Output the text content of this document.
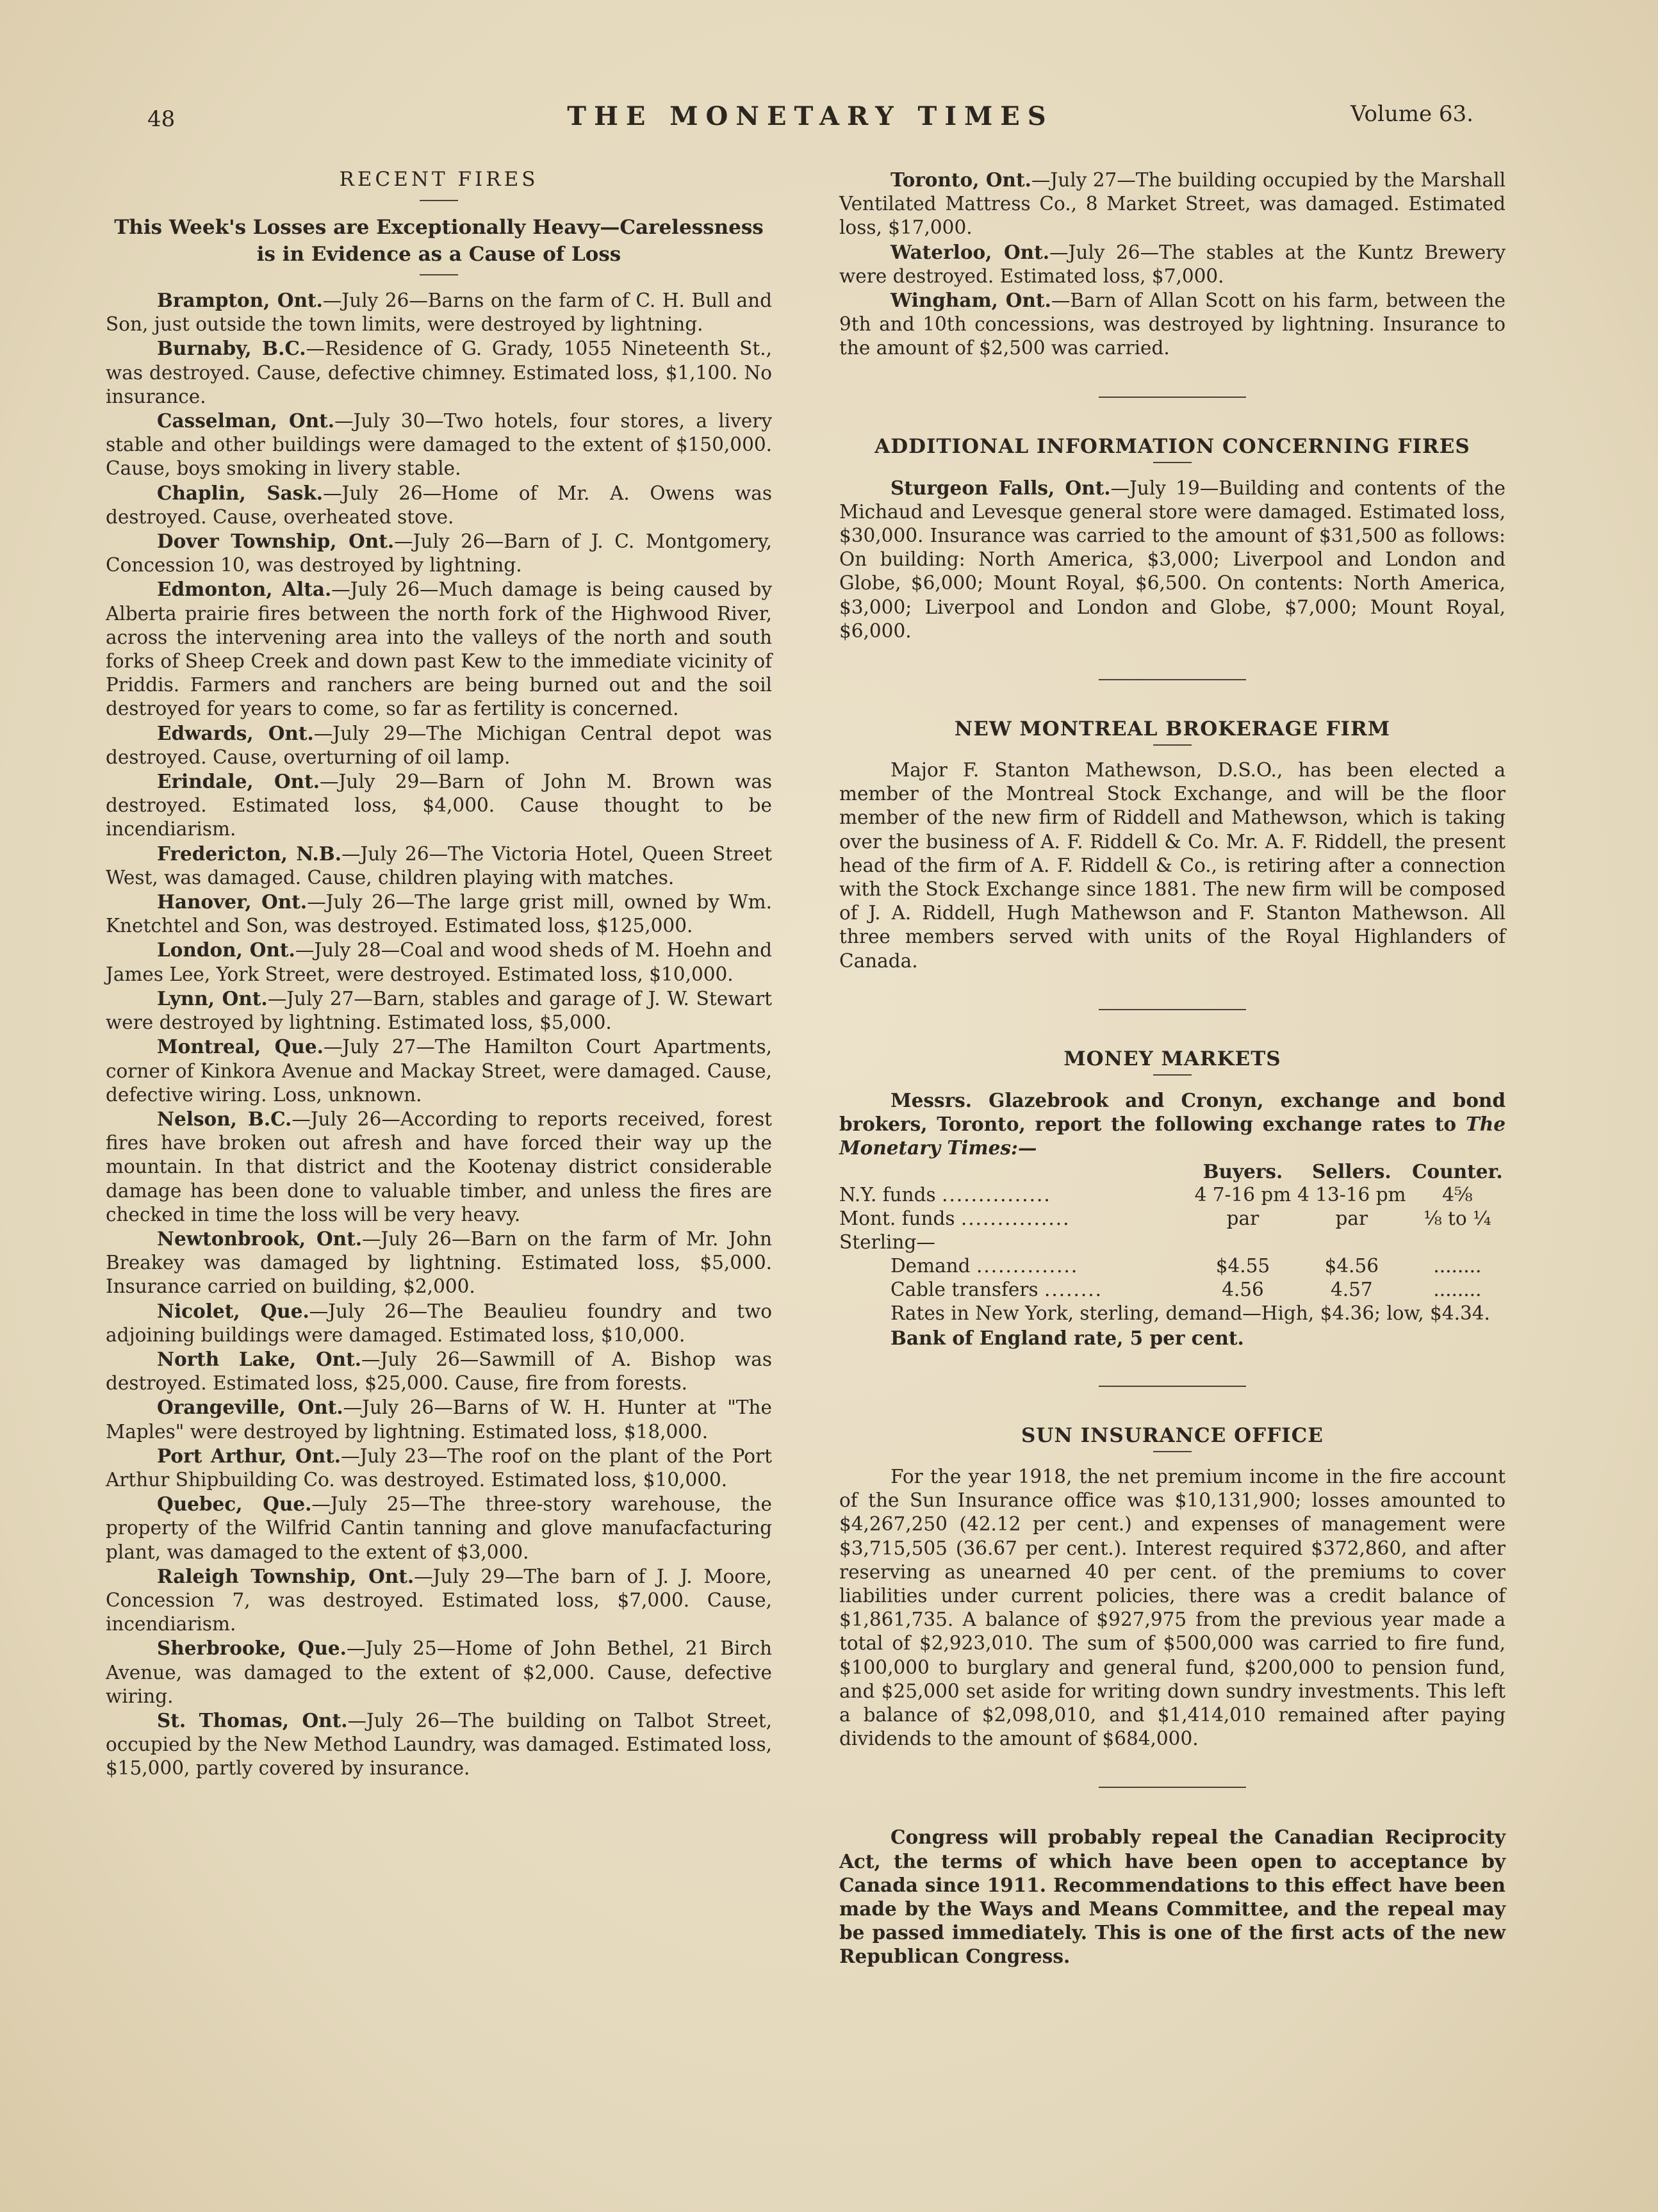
48	THE MONETARY TIMES	Volume 63.
RECENT FIRES
This Week's Losses are Exceptionally Heavy—Carelessness is in Evidence as a Cause of Loss

Brampton, Ont.—July 26—Barns on the farm of C. H. Bull and Son, just outside the town limits, were destroyed by lightning.

Burnaby, B.C.—Residence of G. Grady, 1055 Nineteenth St., was destroyed. Cause, defective chimney. Estimated loss, $1,100. No insurance.

Casselman, Ont.—July 30—Two hotels, four stores, a livery stable and other buildings were damaged to the extent of $150,000. Cause, boys smoking in livery stable.

Chaplin, Sask.—July 26—Home of Mr. A. Owens was destroyed. Cause, overheated stove.

Dover Township, Ont.—July 26—Barn of J. C. Montgomery, Concession 10, was destroyed by lightning.

Edmonton, Alta.—July 26—Much damage is being caused by Alberta prairie fires between the north fork of the Highwood River, across the intervening area into the valleys of the north and south forks of Sheep Creek and down past Kew to the immediate vicinity of Priddis. Farmers and ranchers are being burned out and the soil destroyed for years to come, so far as fertility is concerned.

Edwards, Ont.—July 29—The Michigan Central depot was destroyed. Cause, overturning of oil lamp.

Erindale, Ont.—July 29—Barn of John M. Brown was destroyed. Estimated loss, $4,000. Cause thought to be incendiarism.

Fredericton, N.B.—July 26—The Victoria Hotel, Queen Street West, was damaged. Cause, children playing with matches.

Hanover, Ont.—July 26—The large grist mill, owned by Wm. Knetchtel and Son, was destroyed. Estimated loss, $125,000.

London, Ont.—July 28—Coal and wood sheds of M. Hoehn and James Lee, York Street, were destroyed. Estimated loss, $10,000.

Lynn, Ont.—July 27—Barn, stables and garage of J. W. Stewart were destroyed by lightning. Estimated loss, $5,000.

Montreal, Que.—July 27—The Hamilton Court Apartments, corner of Kinkora Avenue and Mackay Street, were damaged. Cause, defective wiring. Loss, unknown.

Nelson, B.C.—July 26—According to reports received, forest fires have broken out afresh and have forced their way up the mountain. In that district and the Kootenay district considerable damage has been done to valuable timber, and unless the fires are checked in time the loss will be very heavy.

Newtonbrook, Ont.—July 26—Barn on the farm of Mr. John Breakey was damaged by lightning. Estimated loss, $5,000. Insurance carried on building, $2,000.

Nicolet, Que.—July 26—The Beaulieu foundry and two adjoining buildings were damaged. Estimated loss, $10,000.

North Lake, Ont.—July 26—Sawmill of A. Bishop was destroyed. Estimated loss, $25,000. Cause, fire from forests.

Orangeville, Ont.—July 26—Barns of W. H. Hunter at "The Maples" were destroyed by lightning. Estimated loss, $18,000.

Port Arthur, Ont.—July 23—The roof on the plant of the Port Arthur Shipbuilding Co. was destroyed. Estimated loss, $10,000.

Quebec, Que.—July 25—The three-story warehouse, the property of the Wilfrid Cantin tanning and glove manufacfacturing plant, was damaged to the extent of $3,000.

Raleigh Township, Ont.—July 29—The barn of J. J. Moore, Concession 7, was destroyed. Estimated loss, $7,000. Cause, incendiarism.

Sherbrooke, Que.—July 25—Home of John Bethel, 21 Birch Avenue, was damaged to the extent of $2,000. Cause, defective wiring.

St. Thomas, Ont.—July 26—The building on Talbot Street, occupied by the New Method Laundry, was damaged. Estimated loss, $15,000, partly covered by insurance.

Toronto, Ont.—July 27—The building occupied by the Marshall Ventilated Mattress Co., 8 Market Street, was damaged. Estimated loss, $17,000.

Waterloo, Ont.—July 26—The stables at the Kuntz Brewery were destroyed. Estimated loss, $7,000.

Wingham, Ont.—Barn of Allan Scott on his farm, between the 9th and 10th concessions, was destroyed by lightning. Insurance to the amount of $2,500 was carried.

ADDITIONAL INFORMATION CONCERNING FIRES

Sturgeon Falls, Ont.—July 19—Building and contents of the Michaud and Levesque general store were damaged. Estimated loss, $30,000. Insurance was carried to the amount of $31,500 as follows: On building: North America, $3,000; Liverpool and London and Globe, $6,000; Mount Royal, $6,500. On contents: North America, $3,000; Liverpool and London and Globe, $7,000; Mount Royal, $6,000.

NEW MONTREAL BROKERAGE FIRM

Major F. Stanton Mathewson, D.S.O., has been elected a member of the Montreal Stock Exchange, and will be the floor member of the new firm of Riddell and Mathewson, which is taking over the business of A. F. Riddell & Co. Mr. A. F. Riddell, the present head of the firm of A. F. Riddell & Co., is retiring after a connection with the Stock Exchange since 1881. The new firm will be composed of J. A. Riddell, Hugh Mathewson and F. Stanton Mathewson. All three members served with units of the Royal Highlanders of Canada.

MONEY MARKETS

Messrs. Glazebrook and Cronyn, exchange and bond brokers, Toronto, report the following exchange rates to The Monetary Times:—

	Buyers.	Sellers.	Counter.
N.Y. funds ...............	4 7-16 pm	4 13-16 pm	4⅝
Mont. funds ...............	par	par	⅛ to ¼
Sterling—			
Demand ..............	$4.55	$4.56	........
Cable transfers ........	4.56	4.57	........

Rates in New York, sterling, demand—High, $4.36; low, $4.34.

Bank of England rate, 5 per cent.

SUN INSURANCE OFFICE

For the year 1918, the net premium income in the fire account of the Sun Insurance office was $10,131,900; losses amounted to $4,267,250 (42.12 per cent.) and expenses of management were $3,715,505 (36.67 per cent.). Interest required $372,860, and after reserving as unearned 40 per cent. of the premiums to cover liabilities under current policies, there was a credit balance of $1,861,735. A balance of $927,975 from the previous year made a total of $2,923,010. The sum of $500,000 was carried to fire fund, $100,000 to burglary and general fund, $200,000 to pension fund, and $25,000 set aside for writing down sundry investments. This left a balance of $2,098,010, and $1,414,010 remained after paying dividends to the amount of $684,000.

Congress will probably repeal the Canadian Reciprocity Act, the terms of which have been open to acceptance by Canada since 1911. Recommendations to this effect have been made by the Ways and Means Committee, and the repeal may be passed immediately. This is one of the first acts of the new Republican Congress.
